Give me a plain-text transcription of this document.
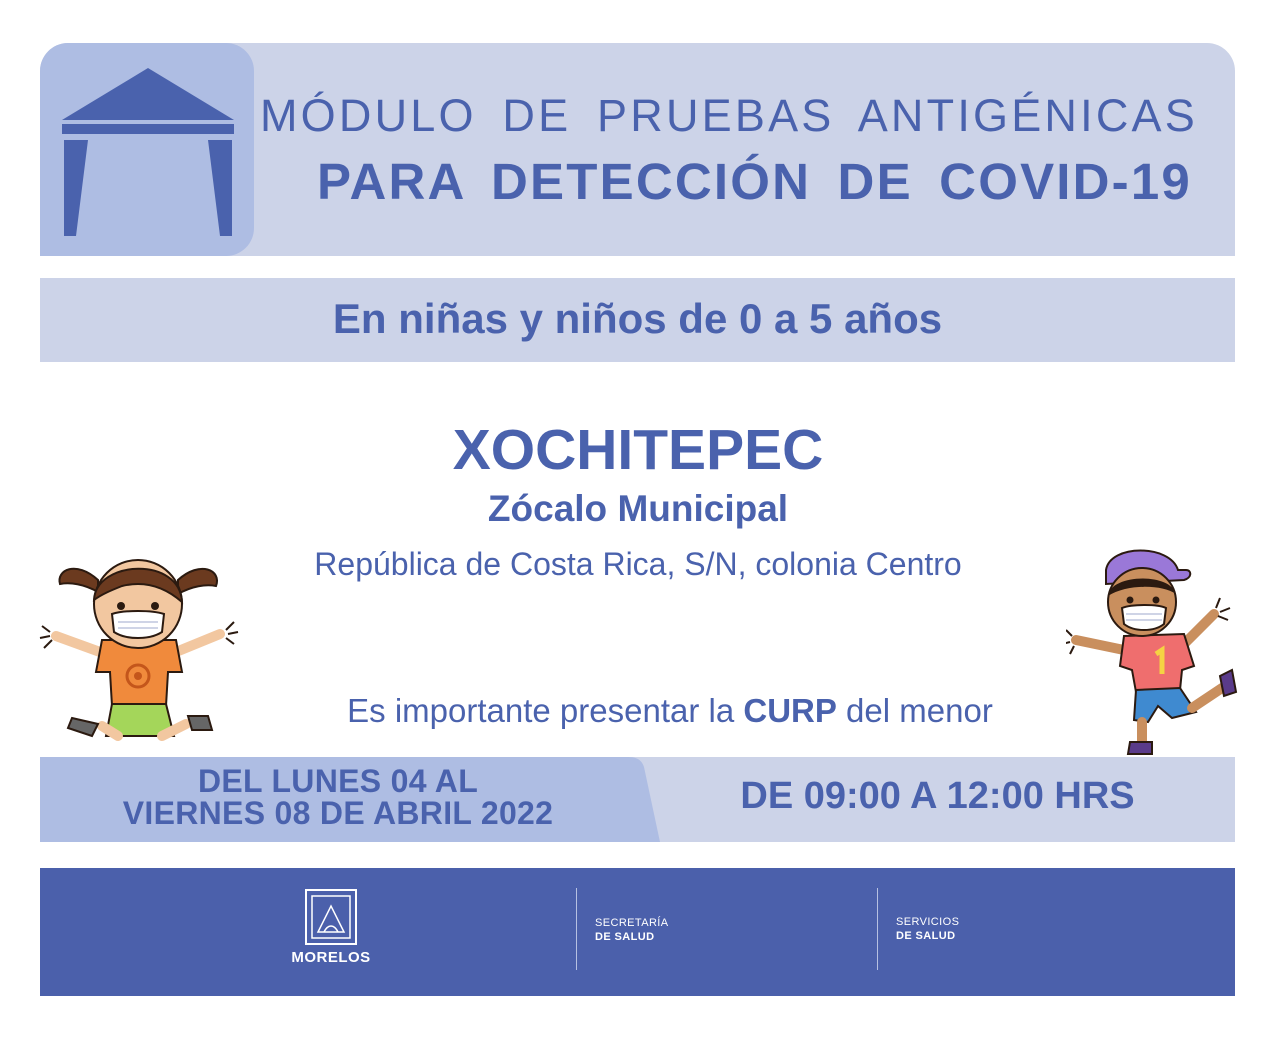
MÓDULO DE PRUEBAS ANTIGÉNICAS
PARA DETECCIÓN DE COVID-19
En niñas y niños de 0 a 5 años
XOCHITEPEC
Zócalo Municipal
República de Costa Rica, S/N, colonia Centro
Es importante presentar la CURP del menor
DEL LUNES 04 AL
VIERNES 08 DE ABRIL 2022	DE 09:00 A 12:00 HRS
MORELOS
SECRETARÍA
DE SALUD
SERVICIOS
DE SALUD
